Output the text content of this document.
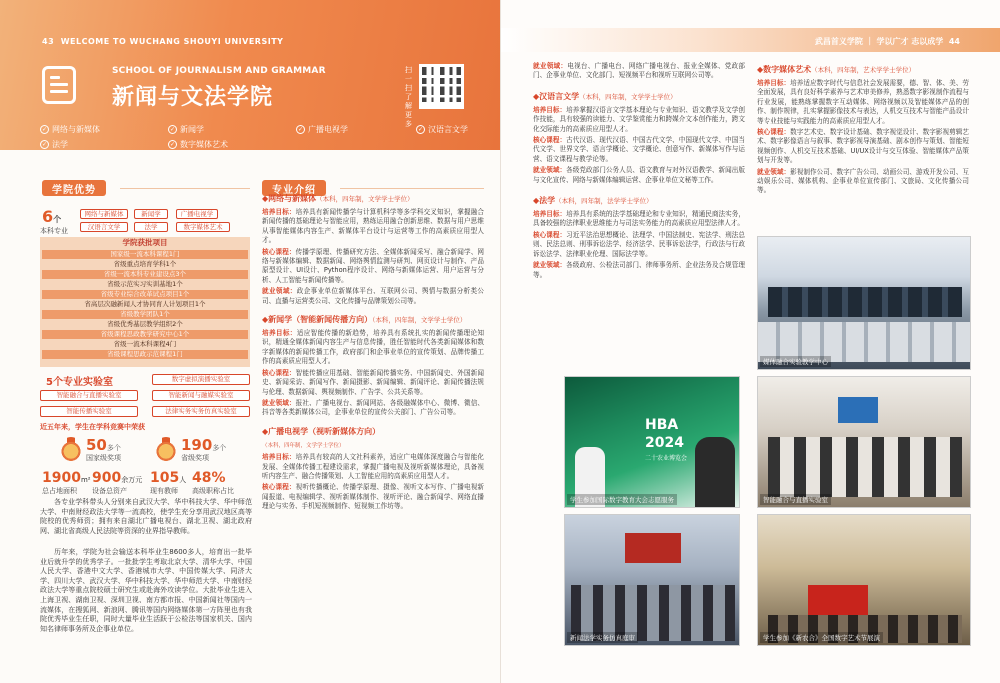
43 WELCOME TO WUCHANG SHOUYI UNIVERSITY
SCHOOL OF JOURNALISM AND GRAMMAR
新闻与文法学院
扫一扫了解更多
✓ 网络与新媒体	✓ 新闻学	✓ 广播电视学	✓ 汉语言文学
✓ 法学	✓ 数字媒体艺术
学院优势
6个
本科专业
网络与新媒体	新闻学	广播电视学
汉语言文学	法学	数字媒体艺术
学院获批项目
国家级一流本科课程1门
省级重点培育学科1个
省级一流本科专业建设点3个
省级示范实习实训基地1个
省级专业综合改革试点项目1个
省高层次融新闻人才协同育人计划项目1个
省级教学团队1个
省级优秀基层教学组织2个
省级课程思政教学研究中心1个
省级一流本科课程4门
省级课程思政示范课程1门
5个专业实验室	数字虚拟演播实验室
智能融合与直播实验室	智能新闻与融媒实验室
智能传播实验室	法律实务实务仿真实验室
近五年来，学生在学科竞赛中荣获
50多个

国家级奖项

190多个

省级奖项

1900m²
总占地面积
900余万元
设备总资产
105人
现有教师
48%
高级职称占比

各专业学科带头人分别来自武汉大学、华中科技大学、华中师范大学、中南财经政法大学等一流高校，使学生充分享用武汉地区高等院校的优秀师资；拥有来自湖北广播电视台、湖北卫视、湖北政府网、湖北省高级人民法院等资深的业界指导教师。

历年来，学院为社会输送本科毕业生8600多人，培育出一批毕业后就升学的优秀学子。一批批学生考取北京大学、清华大学、中国人民大学、香港中文大学、香港城市大学、中国传媒大学、同济大学、四川大学、武汉大学、华中科技大学、华中师范大学、中南财经政法大学等重点院校硕士研究生或赴海外攻读学位。大批毕业生进入上海卫视、湖南卫视、深圳卫视、南方都市报、中国新闻社等国内一流媒体，在搜狐网、新浪网、腾讯等国内网络媒体第一方阵里也有我院优秀毕业生任职，同时大量毕业生活跃于公检法等国家机关、国内知名律师事务所及企事业单位。

专业介绍
◆网络与新媒体（本科，四年制，文学学士学位）
培养目标：培养具有新闻传播学与计算机科学等多学科交叉知识，掌握融合新闻传播的基础理论与智能应用，熟练运用融合创新思维、数据与用户思维从事智能媒体内容生产、新媒体平台设计与运营等工作的高素质应用型人才。
核心课程：传播学原理、传播研究方法、全媒体新闻采写、融合新闻学、网络与新媒体编辑、数据新闻、网络舆情监测与研判、网页设计与制作、产品原型设计、UI设计、Python程序设计、网络与新媒体运营、用户运营与分析、人工智能与新闻传播等。
就业领域：政企事业单位新媒体平台、互联网公司、舆情与数据分析类公司、直播与运营类公司、文化传播与品牌策划公司等。
◆新闻学（智能新闻传播方向）（本科，四年制，文学学士学位）
培养目标：适应智能传播的新趋势，培养具有系统扎实的新闻传播理论知识，精通全媒体新闻内容生产与信息传播，胜任智能时代各类新闻媒体和数字新媒体的新闻传播工作，政府部门和企事业单位的宣传策划、品牌传播工作的高素质应用型人才。
核心课程：智能传播应用基础、智能新闻传播实务、中国新闻史、外国新闻史、新闻采访、新闻写作、新闻摄影、新闻编辑、新闻评论、新闻传播法规与伦理、数据新闻、舆视频制作、广告学、公共关系等。
就业领域：报社、广播电视台、新闻网站、各级融媒体中心、微博、微信、抖音等各类新媒体公司，企事业单位的宣传公关部门、广告公司等。
◆广播电视学（视听新媒体方向）
（本科，四年制，文学学士学位）
培养目标：培养具有较高的人文社科素养，适应广电媒体深度融合与智能化发展、全媒体传播工程建设需求，掌握广播电视及视听新媒体理论，具备视听内容生产、融合传播策划、人工智能应用的高素质应用型人才。
核心课程：视听传播概论、传播学原理、摄像、视听文本写作、广播电视新闻报道、电视编辑学、视听新媒体制作、视听评论、融合新闻学、网络直播理论与实务、手机短视频制作、短视频工作坊等。
武昌首义学院 ｜ 学以广才 志以成学 44
就业领域：电视台、广播电台、网络广播电视台、报业全媒体、党政部门、企事业单位、文化部门、短视频平台和视听互联网公司等。
◆汉语言文学（本科，四年制，文学学士学位）
培养目标：培养掌握汉语言文学基本理论与专业知识、语文教学及文学创作技能，具有较强的读能力、文学鉴赏能力和跨媒介文本创作能力，跨文化交际能力的高素质应用型人才。
核心课程：古代汉语、现代汉语、中国古代文学、中国现代文学、中国当代文学、世界文学、语言学概论、文学概论、创意写作、新媒体写作与运营、语文课程与教学论等。
就业领域：各级党政部门公务人员、语文教育与对外汉语教学、新闻出版与文化宣传、网络与新媒体编辑运营、企事业单位文秘等工作。
◆法学（本科，四年制，法学学士学位）
培养目标：培养具有系统的法学基础理论和专业知识，精通民商法实务，具备较强的法律职业思维能力与司法实务能力的高素质应用型法律人才。
核心课程：习近平法治思想概论、法理学、中国法制史、宪法学、刑法总则、民法总则、刑事诉讼法学、经济法学、民事诉讼法学，行政法与行政诉讼法学、法律职业伦理、国际法学等。
就业领域：各级政府、公检法司部门、律师事务所、企业法务及合规管理等。
◆数字媒体艺术（本科，四年制，艺术学学士学位）
培养目标：培养适应数字时代与信息社会发展需要，德、智、体、美、劳全面发展，具有良好科学素养与艺术审美修养，熟悉数字影视制作流程与行业发展，能熟练掌握数字互动媒体、网络视频以及智能媒体产品的创作、制作规律，扎实掌握影像技术与表达，人机交互技术与智能产品设计等专业技能与实践能力的高素质应用型人才。
核心课程：数字艺术史、数字设计基础、数字视觉设计、数字影视剪辑艺术、数字影像语言与叙事、数字影视导演基础、剧本创作与策划、智能短视频创作、人机交互技术基础、UI/UX设计与交互体验、智能媒体产品策划与开发等。
就业领域：影视制作公司、数字广告公司、动画公司、游戏开发公司、互动娱乐公司、媒体机构、企事业单位宣传部门、文旅局、文化传播公司等。
媒体融合实验教学中心
HBA
2024
二十农业博览会
学生参加国际数字教育大会志愿服务	智能融合与直播实验室
新闻法学实务仿真庭审	学生参加《新农合》全国数字艺术节展演
